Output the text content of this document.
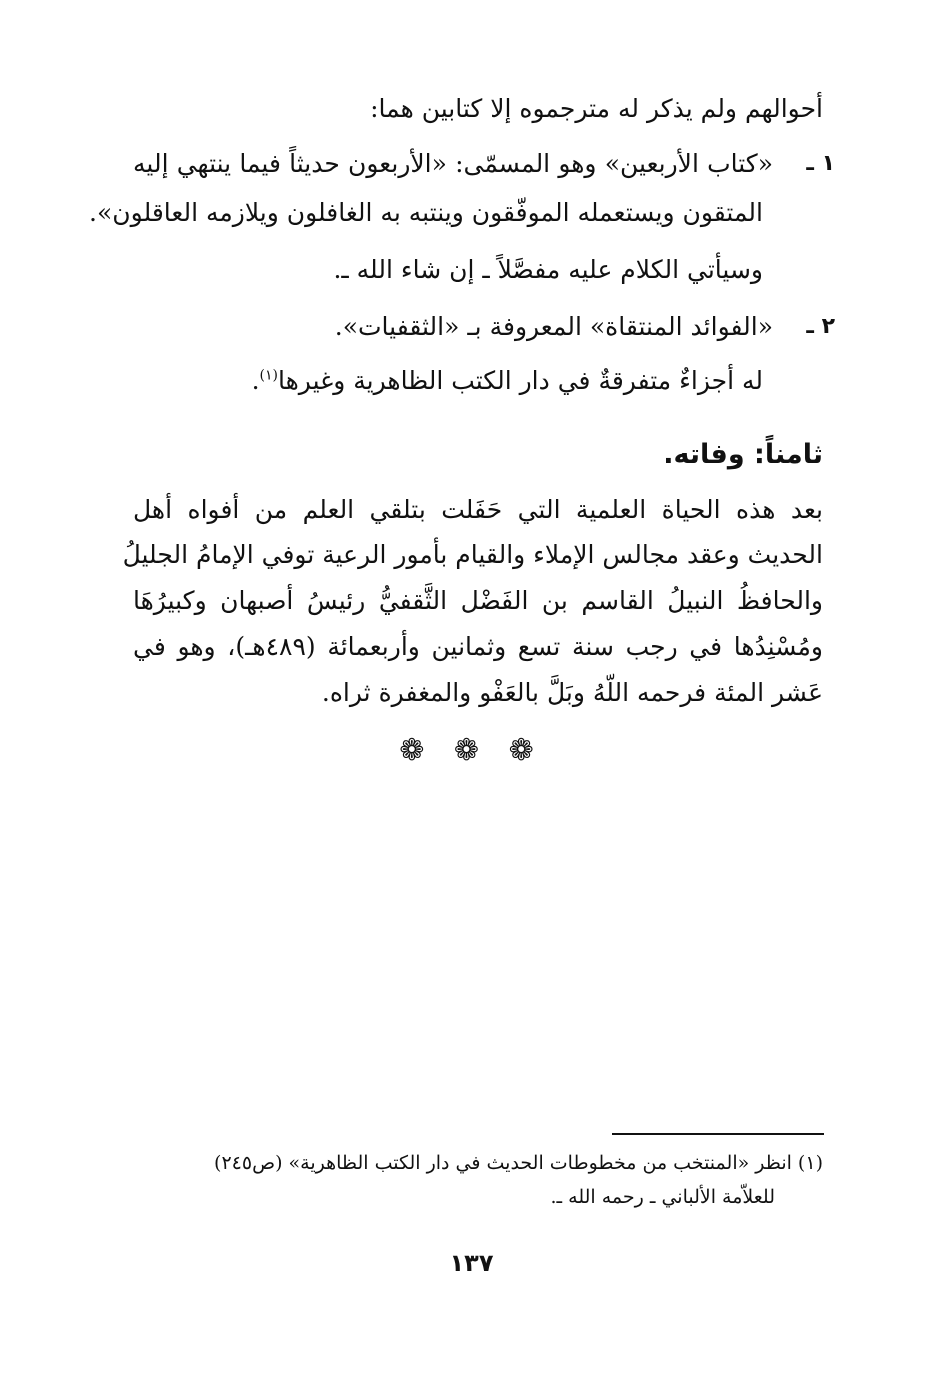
أحوالهم ولم يذكر له مترجموه إلا كتابين هما:
١ ـ
«كتاب الأربعين» وهو المسمّى: «الأربعون حديثاً فيما ينتهي إليه
المتقون ويستعمله الموفّقون وينتبه به الغافلون ويلازمه العاقلون».
وسيأتي الكلام عليه مفصَّلاً ـ إن شاء الله ـ.
٢ ـ
«الفوائد المنتقاة» المعروفة بـ «الثقفيات».
له أجزاءٌ متفرقةٌ في دار الكتب الظاهرية وغيرها$^{(١)}$.
ثامناً: وفاته.
بعد هذه الحياة العلمية التي حَفَلت بتلقي العلم من أفواه أهل
الحديث وعقد مجالس الإملاء والقيام بأمور الرعية توفي الإمامُ الجليلُ
والحافظُ النبيلُ القاسم بن الفَضْل الثَّقفيُّ رئيسُ أصبهان وكبيرُهَا
ومُسْنِدُها في رجب سنة تسع وثمانين وأربعمائة (٤٨٩هـ)، وهو في
عَشر المئة فرحمه اللّهُ وبَلَّ بالعَفْو والمغفرة ثراه.
❁ ❁ ❁
(١) انظر «المنتخب من مخطوطات الحديث في دار الكتب الظاهرية» (ص٢٤٥)
للعلاّمة الألباني ـ رحمه الله ـ.
١٣٧
